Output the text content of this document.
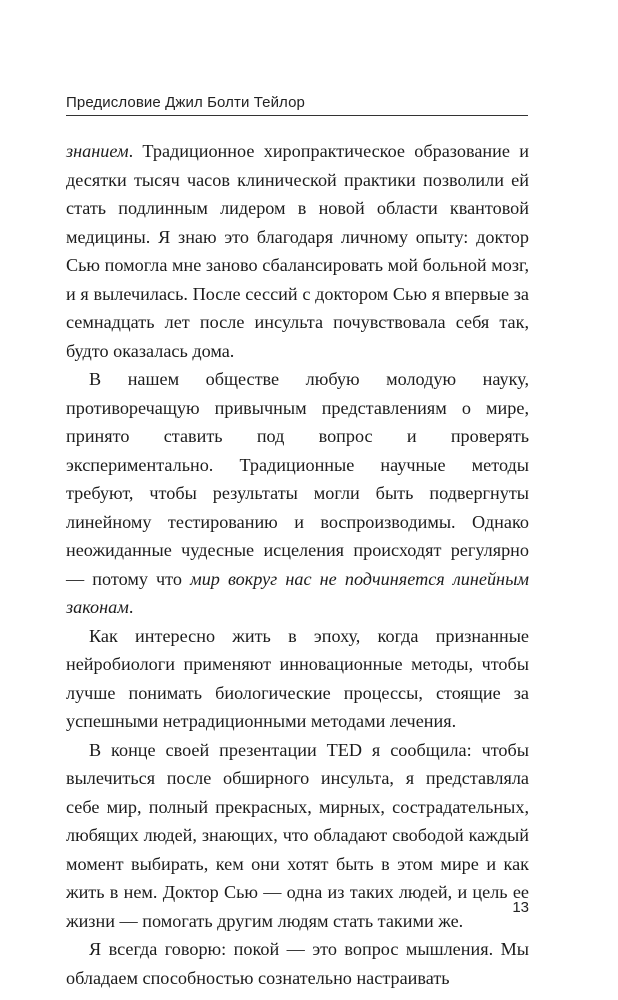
Предисловие Джил Болти Тейлор

знанием. Традиционное хиропрактическое образование и десятки тысяч часов клинической практики позволили ей стать подлинным лидером в новой области квантовой медицины. Я знаю это благодаря личному опыту: доктор Сью помогла мне заново сбалансировать мой больной мозг, и я вылечилась. После сессий с доктором Сью я впервые за семнадцать лет после инсульта почувствовала себя так, будто оказалась дома.

В нашем обществе любую молодую науку, противоречащую привычным представлениям о мире, принято ставить под вопрос и проверять экспериментально. Традиционные научные методы требуют, чтобы результаты могли быть подвергнуты линейному тестированию и воспроизводимы. Однако неожиданные чудесные исцеления происходят регулярно — потому что мир вокруг нас не подчиняется линейным законам.

Как интересно жить в эпоху, когда признанные нейробиологи применяют инновационные методы, чтобы лучше понимать биологические процессы, стоящие за успешными нетрадиционными методами лечения.

В конце своей презентации TED я сообщила: чтобы вылечиться после обширного инсульта, я представляла себе мир, полный прекрасных, мирных, сострадательных, любящих людей, знающих, что обладают свободой каждый момент выбирать, кем они хотят быть в этом мире и как жить в нем. Доктор Сью — одна из таких людей, и цель ее жизни — помогать другим людям стать такими же.

Я всегда говорю: покой — это вопрос мышления. Мы обладаем способностью сознательно настраивать

13
